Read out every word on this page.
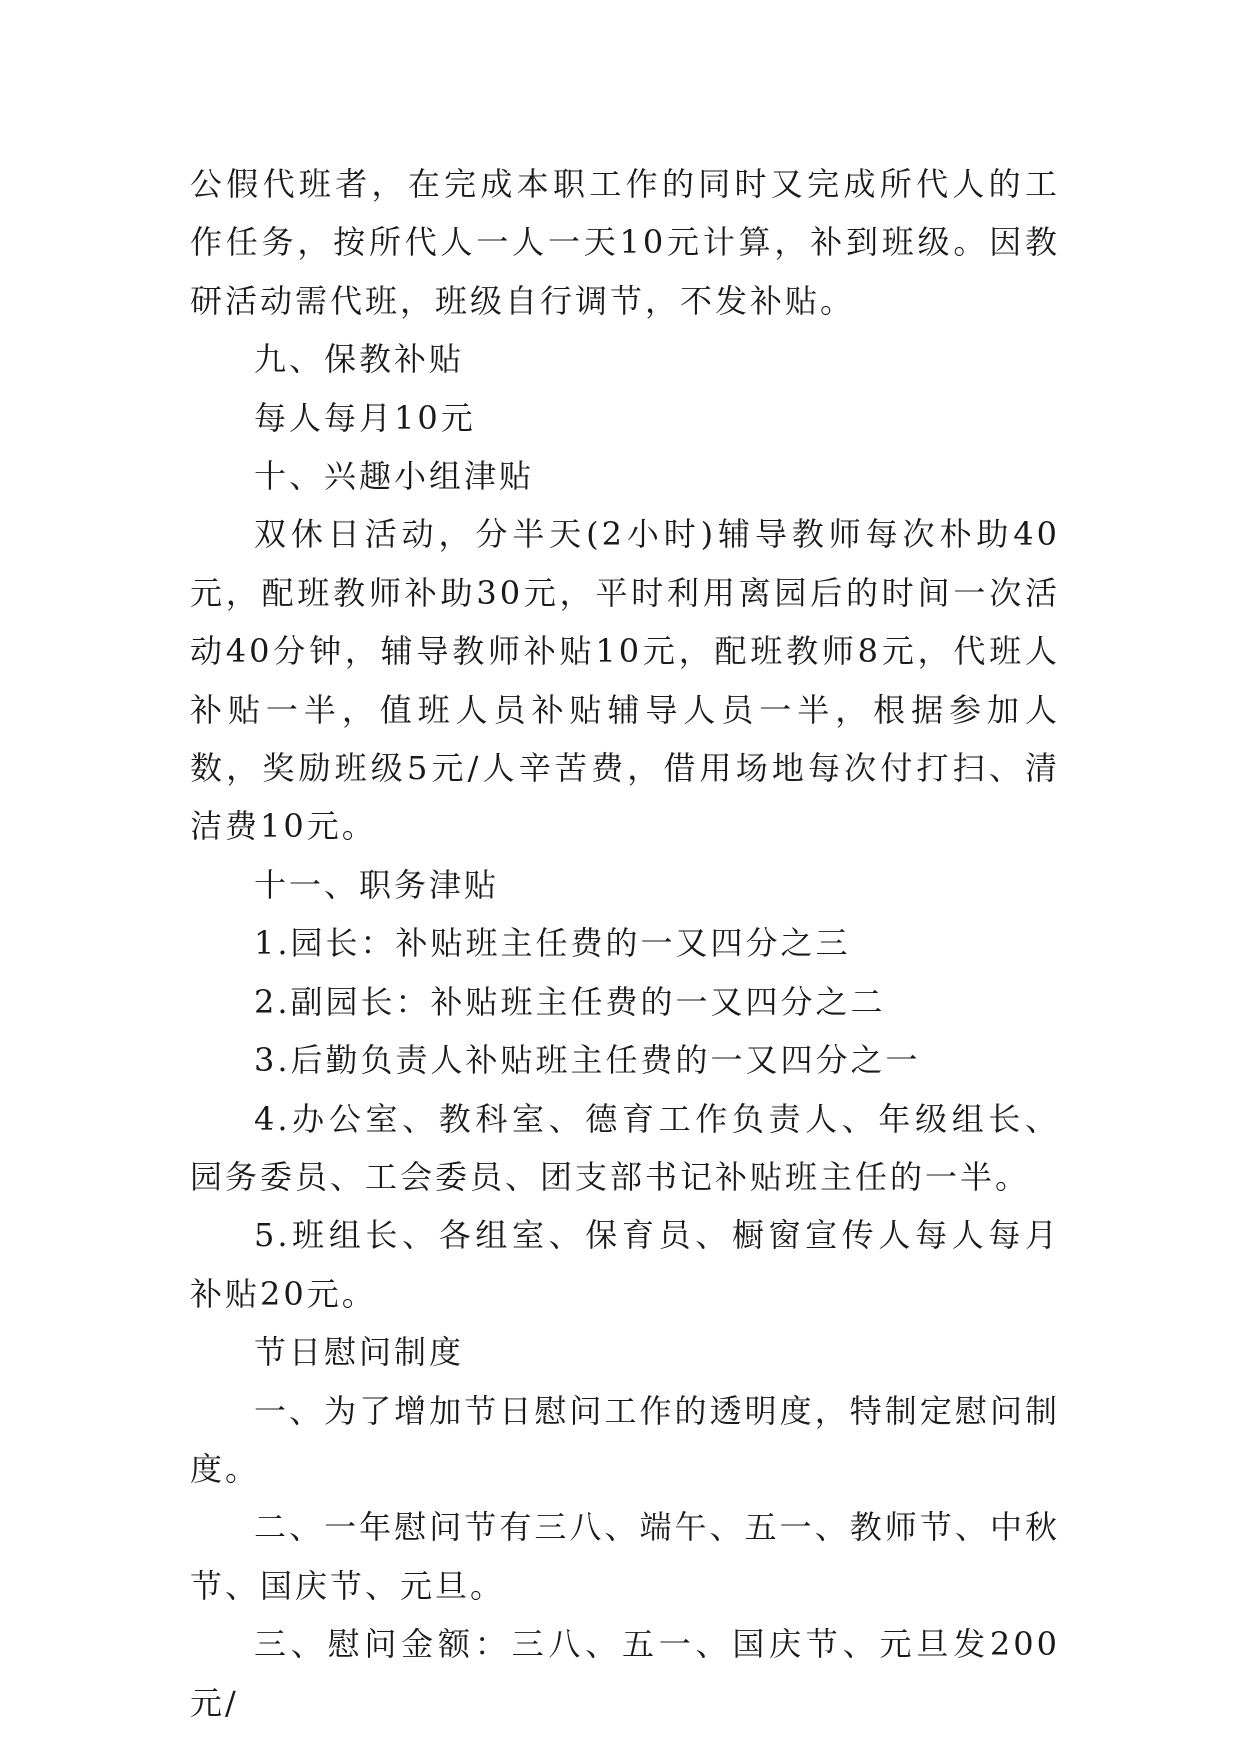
公假代班者，在完成本职工作的同时又完成所代人的工作任务，按所代人一人一天10元计算，补到班级。因教研活动需代班，班级自行调节，不发补贴。

九、保教补贴

每人每月10元

十、兴趣小组津贴

双休日活动，分半天(2小时)辅导教师每次朴助40元，配班教师补助30元，平时利用离园后的时间一次活动40分钟，辅导教师补贴10元，配班教师8元，代班人补贴一半，值班人员补贴辅导人员一半，根据参加人数，奖励班级5元/人辛苦费，借用场地每次付打扫、清洁费10元。

十一、职务津贴

1.园长：补贴班主任费的一又四分之三

2.副园长：补贴班主任费的一又四分之二

3.后勤负责人补贴班主任费的一又四分之一

4.办公室、教科室、德育工作负责人、年级组长、园务委员、工会委员、团支部书记补贴班主任的一半。

5.班组长、各组室、保育员、橱窗宣传人每人每月补贴20元。

节日慰问制度

一、为了增加节日慰问工作的透明度，特制定慰问制度。

二、一年慰问节有三八、端午、五一、教师节、中秋节、国庆节、元旦。

三、慰问金额：三八、五一、国庆节、元旦发200元/
